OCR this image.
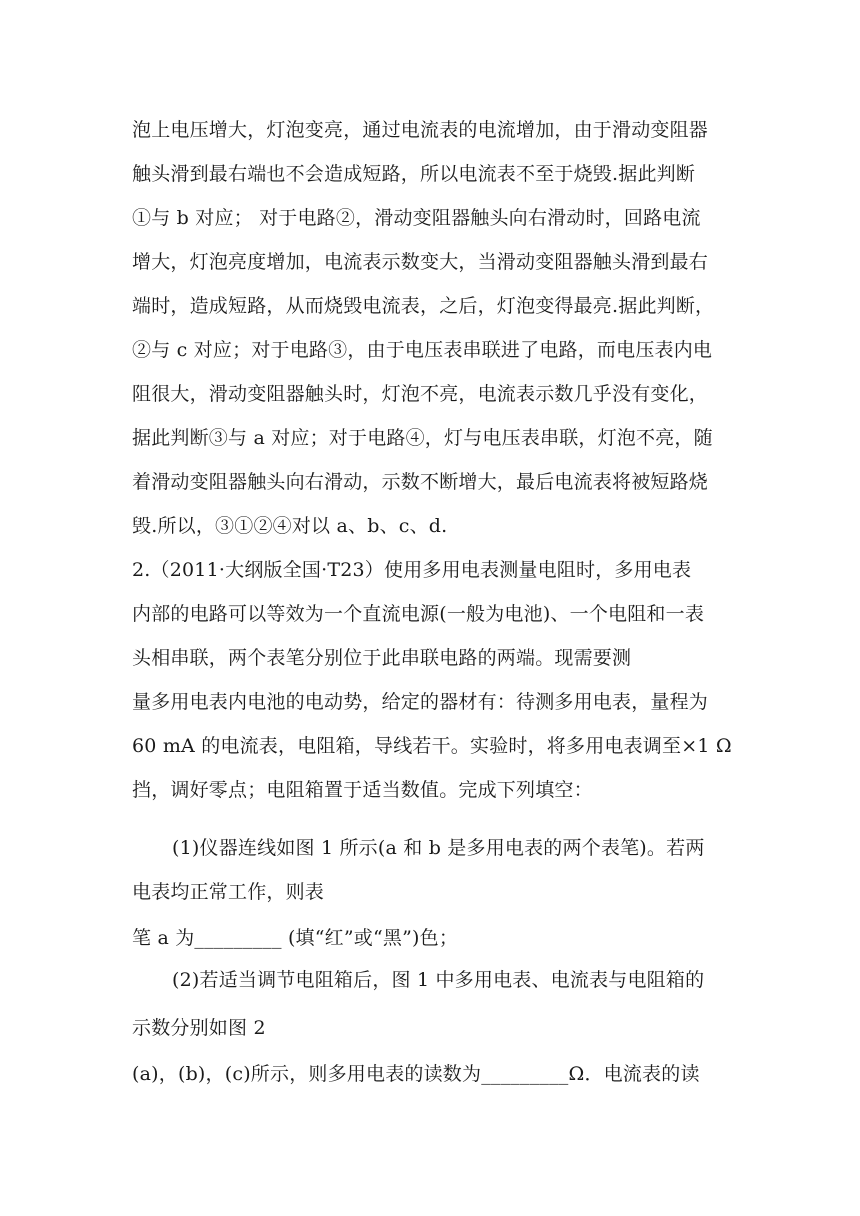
泡上电压增大，灯泡变亮，通过电流表的电流增加，由于滑动变阻器
触头滑到最右端也不会造成短路，所以电流表不至于烧毁.据此判断
①与 b 对应； 对于电路②，滑动变阻器触头向右滑动时，回路电流
增大，灯泡亮度增加，电流表示数变大，当滑动变阻器触头滑到最右
端时，造成短路，从而烧毁电流表，之后，灯泡变得最亮.据此判断，
②与 c 对应；对于电路③，由于电压表串联进了电路，而电压表内电
阻很大，滑动变阻器触头时，灯泡不亮，电流表示数几乎没有变化，
据此判断③与 a 对应；对于电路④，灯与电压表串联，灯泡不亮，随
着滑动变阻器触头向右滑动，示数不断增大，最后电流表将被短路烧
毁.所以，③①②④对以 a、b、c、d.
2.（2011·大纲版全国·T23）使用多用电表测量电阻时，多用电表
内部的电路可以等效为一个直流电源(一般为电池)、一个电阻和一表
头相串联，两个表笔分别位于此串联电路的两端。现需要测
量多用电表内电池的电动势，给定的器材有：待测多用电表，量程为
60 mA 的电流表，电阻箱，导线若干。实验时，将多用电表调至×1 Ω
挡，调好零点；电阻箱置于适当数值。完成下列填空：
(1)仪器连线如图 1 所示(a 和 b 是多用电表的两个表笔)。若两
电表均正常工作，则表
笔 a 为_________ (填“红”或“黑”)色；
(2)若适当调节电阻箱后，图 1 中多用电表、电流表与电阻箱的
示数分别如图 2
(a)，(b)，(c)所示，则多用电表的读数为_________Ω．电流表的读
